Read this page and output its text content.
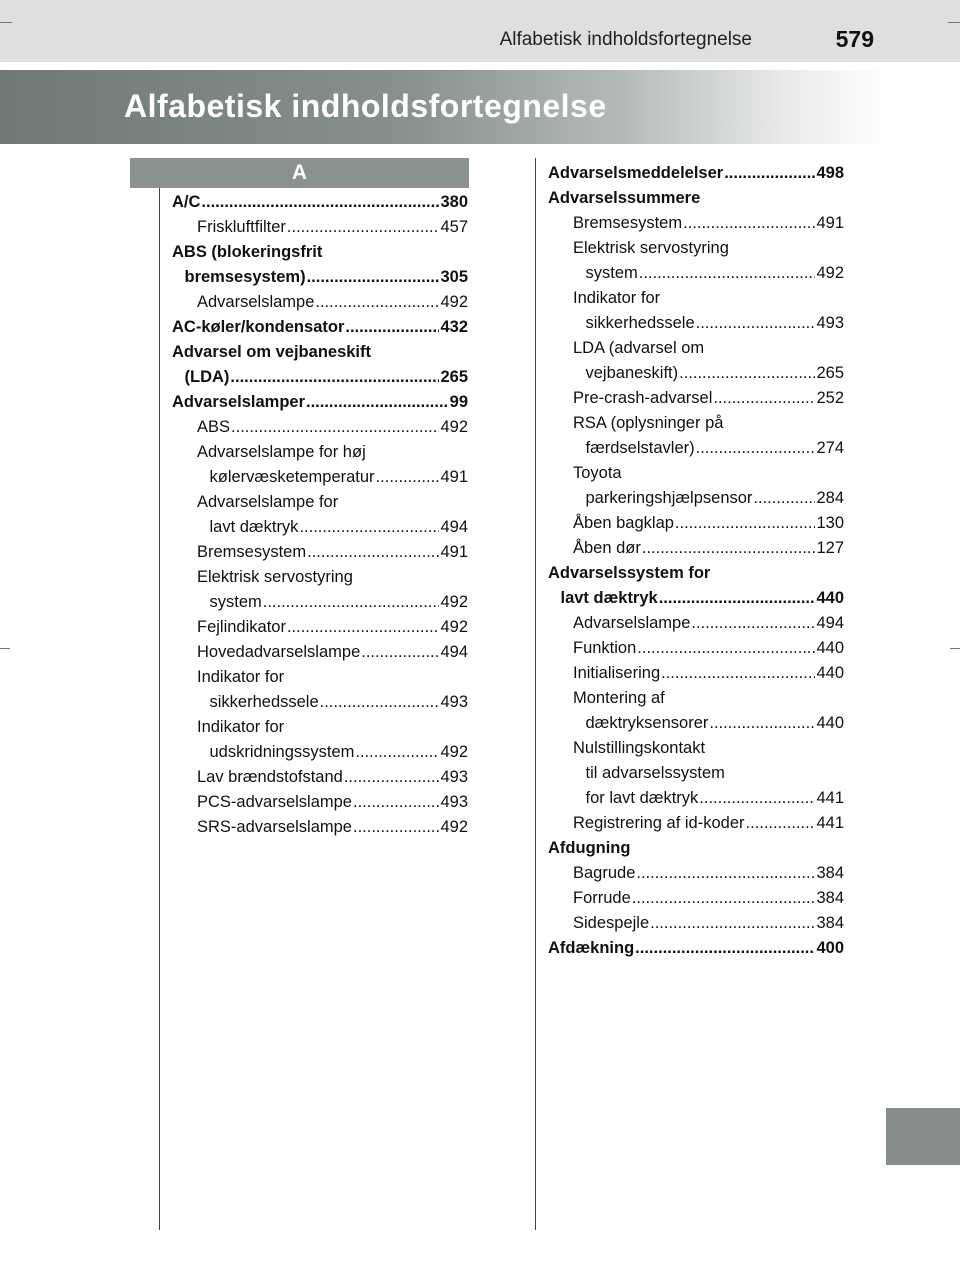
Alfabetisk indholdsfortegnelse	579
Alfabetisk indholdsfortegnelse
A
A/C .....	380
Friskluftfilter .....	457
ABS (blokeringsfrit
bremsesystem) .....	305
Advarselslampe .....	492
AC-køler/kondensator .....	432
Advarsel om vejbaneskift
(LDA) .....	265
Advarselslamper .....	99
ABS .....	492
Advarselslampe for høj
kølervæsketemperatur .....	491
Advarselslampe for
lavt dæktryk .....	494
Bremsesystem .....	491
Elektrisk servostyring
system .....	492
Fejlindikator .....	492
Hovedadvarselslampe .....	494
Indikator for
sikkerhedssele .....	493
Indikator for
udskridningssystem .....	492
Lav brændstofstand .....	493
PCS-advarselslampe .....	493
SRS-advarselslampe .....	492
Advarselsmeddelelser .....	498
Advarselssummere
Bremsesystem .....	491
Elektrisk servostyring
system .....	492
Indikator for
sikkerhedssele .....	493
LDA (advarsel om
vejbaneskift) .....	265
Pre-crash-advarsel .....	252
RSA (oplysninger på
færdselstavler) .....	274
Toyota
parkeringshjælpsensor .....	284
Åben bagklap .....	130
Åben dør .....	127
Advarselssystem for
lavt dæktryk .....	440
Advarselslampe .....	494
Funktion .....	440
Initialisering .....	440
Montering af
dæktryksensorer .....	440
Nulstillingskontakt
til advarselssystem
for lavt dæktryk .....	441
Registrering af id-koder .....	441
Afdugning
Bagrude .....	384
Forrude .....	384
Sidespejle .....	384
Afdækning .....	400
